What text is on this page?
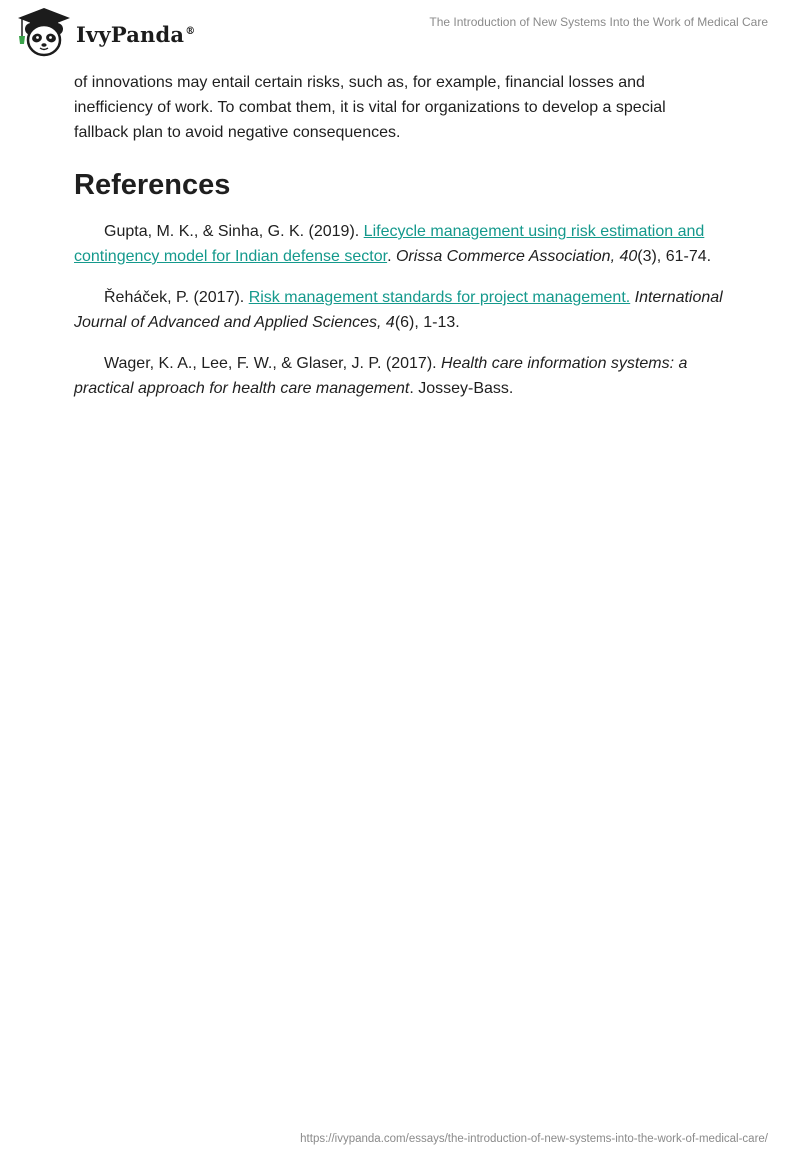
IvyPanda®
The Introduction of New Systems Into the Work of Medical Care

of innovations may entail certain risks, such as, for example, financial losses and inefficiency of work. To combat them, it is vital for organizations to develop a special fallback plan to avoid negative consequences.

References

Gupta, M. K., & Sinha, G. K. (2019). Lifecycle management using risk estimation and contingency model for Indian defense sector. Orissa Commerce Association, 40(3), 61-74.

Řeháček, P. (2017). Risk management standards for project management. International Journal of Advanced and Applied Sciences, 4(6), 1-13.

Wager, K. A., Lee, F. W., & Glaser, J. P. (2017). Health care information systems: a practical approach for health care management. Jossey-Bass.

https://ivypanda.com/essays/the-introduction-of-new-systems-into-the-work-of-medical-care/
